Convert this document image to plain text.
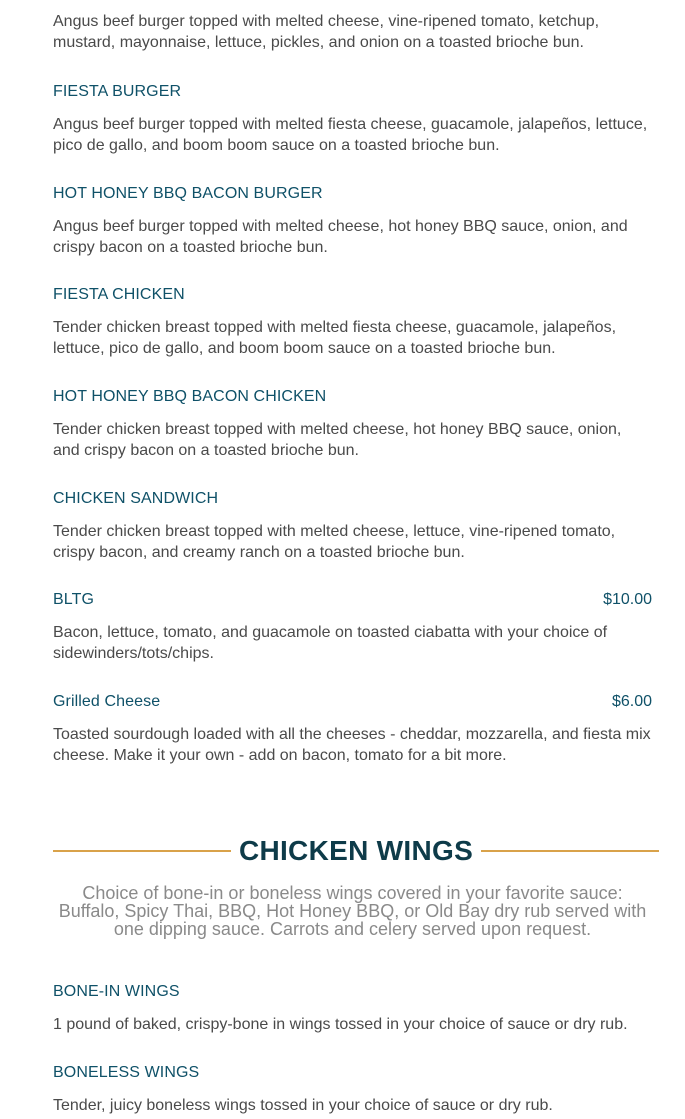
Angus beef burger topped with melted cheese, vine-ripened tomato, ketchup, mustard, mayonnaise, lettuce, pickles, and onion on a toasted brioche bun.
FIESTA BURGER
Angus beef burger topped with melted fiesta cheese, guacamole, jalapeños, lettuce, pico de gallo, and boom boom sauce on a toasted brioche bun.
HOT HONEY BBQ BACON BURGER
Angus beef burger topped with melted cheese, hot honey BBQ sauce, onion, and crispy bacon on a toasted brioche bun.
FIESTA CHICKEN
Tender chicken breast topped with melted fiesta cheese, guacamole, jalapeños, lettuce, pico de gallo, and boom boom sauce on a toasted brioche bun.
HOT HONEY BBQ BACON CHICKEN
Tender chicken breast topped with melted cheese, hot honey BBQ sauce, onion, and crispy bacon on a toasted brioche bun.
CHICKEN SANDWICH
Tender chicken breast topped with melted cheese, lettuce, vine-ripened tomato, crispy bacon, and creamy ranch on a toasted brioche bun.
BLTG	$10.00
Bacon, lettuce, tomato, and guacamole on toasted ciabatta with your choice of sidewinders/tots/chips.
Grilled Cheese	$6.00
Toasted sourdough loaded with all the cheeses - cheddar, mozzarella, and fiesta mix cheese. Make it your own - add on bacon, tomato for a bit more.
CHICKEN WINGS
Choice of bone-in or boneless wings covered in your favorite sauce: Buffalo, Spicy Thai, BBQ, Hot Honey BBQ, or Old Bay dry rub served with one dipping sauce. Carrots and celery served upon request.
BONE-IN WINGS
1 pound of baked, crispy-bone in wings tossed in your choice of sauce or dry rub.
BONELESS WINGS
Tender, juicy boneless wings tossed in your choice of sauce or dry rub.
